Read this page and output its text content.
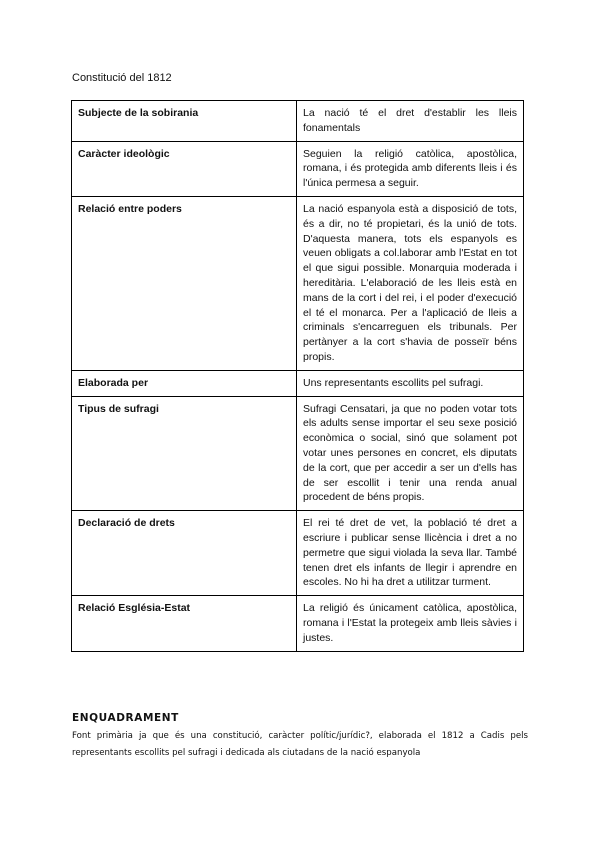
Constitució del 1812
Subjecte de la sobirania	La nació té el dret d'establir les lleis fonamentals
Caràcter ideològic	Seguien la religió catòlica, apostòlica, romana, i és protegida amb diferents lleis i és l'única permesa a seguir.
Relació entre poders	La nació espanyola està a disposició de tots, és a dir, no té propietari, és la unió de tots. D'aquesta manera, tots els espanyols es veuen obligats a col.laborar amb l'Estat en tot el que sigui possible. Monarquia moderada i hereditària. L'elaboració de les lleis està en mans de la cort i del rei, i el poder d'execució el té el monarca. Per a l'aplicació de lleis a criminals s'encarreguen els tribunals. Per pertànyer a la cort s'havia de posseïr béns propis.
Elaborada per	Uns representants escollits pel sufragi.
Tipus de sufragi	Sufragi Censatari, ja que no poden votar tots els adults sense importar el seu sexe posició econòmica o social, sinó que solament pot votar unes persones en concret, els diputats de la cort, que per accedir a ser un d'ells has de ser escollit i tenir una renda anual procedent de béns propis.
Declaració de drets	El rei té dret de vet, la població té dret a escriure i publicar sense llicència i dret a no permetre que sigui violada la seva llar. També tenen dret els infants de llegir i aprendre en escoles. No hi ha dret a utilitzar turment.
Relació Església-Estat	La religió és únicament catòlica, apostòlica, romana i l'Estat la protegeix amb lleis sàvies i justes.
ENQUADRAMENT

Font primària ja que és una constitució, caràcter polític/jurídic?, elaborada el 1812 a Cadis pels representants escollits pel sufragi i dedicada als ciutadans de la nació espanyola
